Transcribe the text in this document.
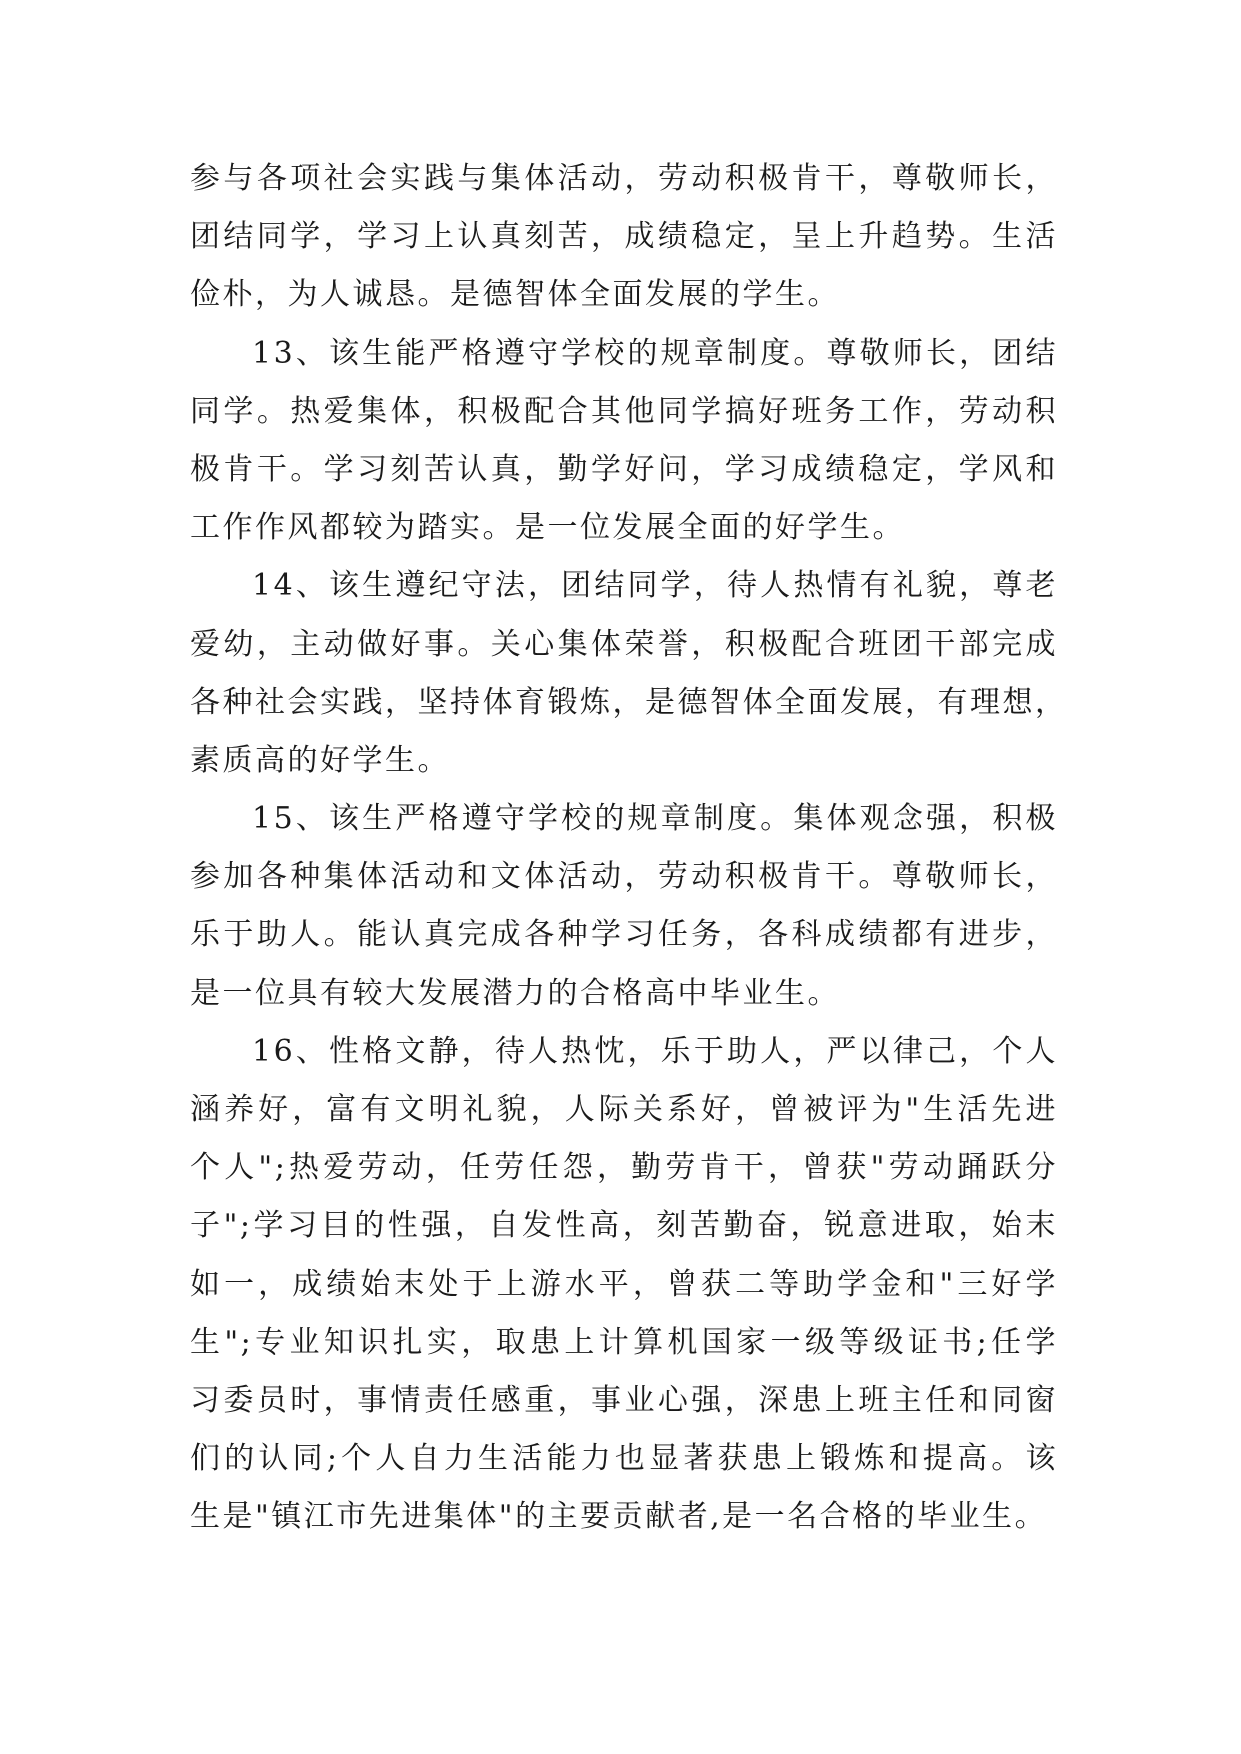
参与各项社会实践与集体活动，劳动积极肯干，尊敬师长，
团结同学，学习上认真刻苦，成绩稳定，呈上升趋势。生活
俭朴，为人诚恳。是德智体全面发展的学生。
13、该生能严格遵守学校的规章制度。尊敬师长，团结
同学。热爱集体，积极配合其他同学搞好班务工作，劳动积
极肯干。学习刻苦认真，勤学好问，学习成绩稳定，学风和
工作作风都较为踏实。是一位发展全面的好学生。
14、该生遵纪守法，团结同学，待人热情有礼貌，尊老
爱幼，主动做好事。关心集体荣誉，积极配合班团干部完成
各种社会实践，坚持体育锻炼，是德智体全面发展，有理想，
素质高的好学生。
15、该生严格遵守学校的规章制度。集体观念强，积极
参加各种集体活动和文体活动，劳动积极肯干。尊敬师长，
乐于助人。能认真完成各种学习任务，各科成绩都有进步，
是一位具有较大发展潜力的合格高中毕业生。
16、性格文静，待人热忱，乐于助人，严以律己，个人
涵养好，富有文明礼貌，人际关系好，曾被评为"生活先进
个人";热爱劳动，任劳任怨，勤劳肯干，曾获"劳动踊跃分
子";学习目的性强，自发性高，刻苦勤奋，锐意进取，始末
如一，成绩始末处于上游水平，曾获二等助学金和"三好学
生";专业知识扎实，取患上计算机国家一级等级证书;任学
习委员时，事情责任感重，事业心强，深患上班主任和同窗
们的认同;个人自力生活能力也显著获患上锻炼和提高。该
生是"镇江市先进集体"的主要贡献者,是一名合格的毕业生。
